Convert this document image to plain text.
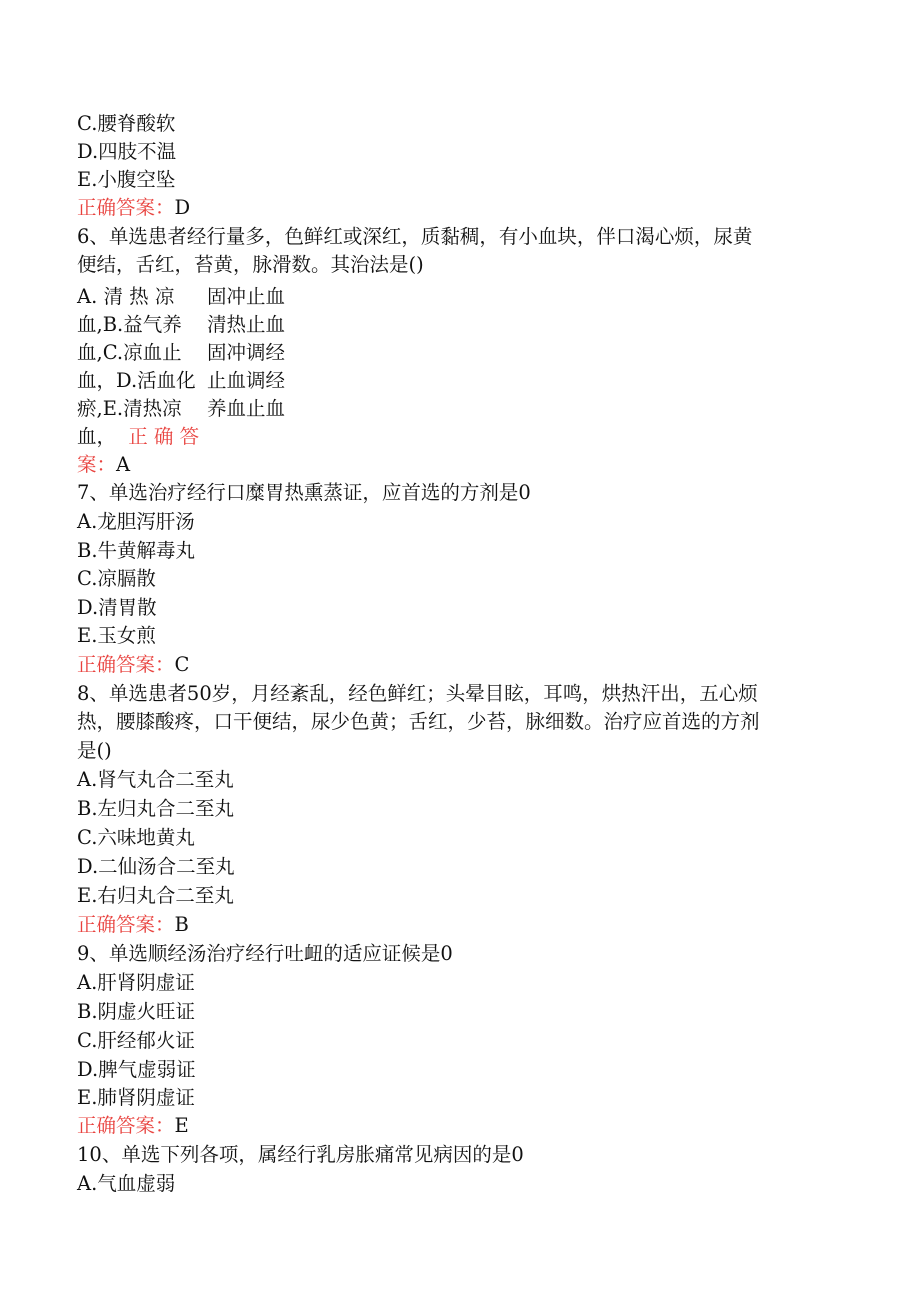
C.腰脊酸软
D.四肢不温
E.小腹空坠
正确答案：D
6、单选患者经行量多，色鲜红或深红，质黏稠，有小血块，伴口渴心烦，尿黄
便结，舌红，苔黄，脉滑数。其治法是()
A. 清 热 凉
血,B.益气养
血,C.凉血止
血，D.活血化
瘀,E.清热凉
血， 正 确 答
固冲止血
清热止血
固冲调经
止血调经
养血止血
案：A
7、单选治疗经行口糜胃热熏蒸证，应首选的方剂是0
A.龙胆泻肝汤
B.牛黄解毒丸
C.凉膈散
D.清胃散
E.玉女煎
正确答案：C
8、单选患者50岁，月经紊乱，经色鲜红；头晕目眩，耳鸣，烘热汗出，五心烦
热，腰膝酸疼，口干便结，尿少色黄；舌红，少苔，脉细数。治疗应首选的方剂
是()
A.肾气丸合二至丸
B.左归丸合二至丸
C.六味地黄丸
D.二仙汤合二至丸
E.右归丸合二至丸
正确答案：B
9、单选顺经汤治疗经行吐衄的适应证候是0
A.肝肾阴虚证
B.阴虚火旺证
C.肝经郁火证
D.脾气虚弱证
E.肺肾阴虚证
正确答案：E
10、单选下列各项，属经行乳房胀痛常见病因的是0
A.气血虚弱
